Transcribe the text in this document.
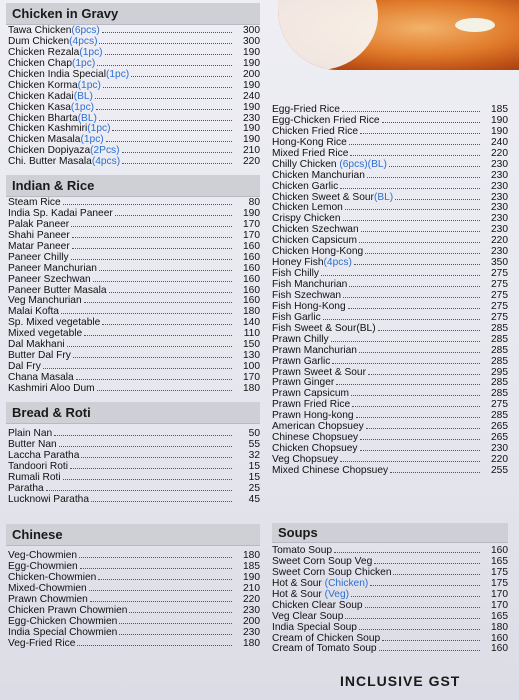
Chicken in Gravy
Tawa Chicken(6pcs)	300
Dum Chicken(4pcs)	300
Chicken Rezala(1pc)	190
Chicken Chap(1pc)	190
Chicken India Special(1pc)	200
Chicken Korma(1pc)	190
Chicken Kadai(BL)	240
Chicken Kasa(1pc)	190
Chicken Bharta(BL)	230
Chicken Kashmiri(1pc)	190
Chicken Masala(1pc)	190
Chicken Dopiyaza(2Pcs)	210
Chi. Butter Masala(4pcs)	220
Indian & Rice
Steam Rice	80
India Sp. Kadai Paneer	190
Palak Paneer	170
Shahi Paneer	170
Matar Paneer	160
Paneer Chilly	160
Paneer Manchurian	160
Paneer Szechwan	160
Paneer Butter Masala	160
Veg Manchurian	160
Malai Kofta	180
Sp. Mixed vegetable	140
Mixed vegetable	110
Dal Makhani	150
Butter Dal Fry	130
Dal Fry	100
Chana Masala	170
Kashmiri Aloo Dum	180
Bread & Roti
Plain Nan	50
Butter Nan	55
Laccha Paratha	32
Tandoori Roti	15
Rumali Roti	15
Paratha	25
Lucknowi Paratha	45
Chinese
Veg-Chowmien	180
Egg-Chowmien	185
Chicken-Chowmien	190
Mixed-Chowmien	210
Prawn Chowmien	220
Chicken Prawn Chowmien	230
Egg-Chicken Chowmien	200
India Special Chowmien	230
Veg-Fried Rice	180
Egg-Fried Rice	185
Egg-Chicken Fried Rice	190
Chicken Fried Rice	190
Hong-Kong Rice	240
Mixed Fried Rice	220
Chilly Chicken (6pcs)(BL)	230
Chicken Manchurian	230
Chicken Garlic	230
Chicken Sweet & Sour(BL)	230
Chicken Lemon	230
Crispy Chicken	230
Chicken Szechwan	230
Chicken Capsicum	220
Chicken Hong-Kong	230
Honey Fish(4pcs)	350
Fish Chilly	275
Fish Manchurian	275
Fish Szechwan	275
Fish Hong-Kong	275
Fish Garlic	275
Fish Sweet & Sour(BL)	285
Prawn Chilly	285
Prawn Manchurian	285
Prawn Garlic	285
Prawn Sweet & Sour	295
Prawn Ginger	285
Prawn Capsicum	285
Prawn Fried Rice	275
Prawn Hong-kong	285
American Chopsuey	265
Chinese Chopsuey	265
Chicken Chopsuey	230
Veg Chopsuey	220
Mixed Chinese Chopsuey	255
Soups
Tomato Soup	160
Sweet Corn Soup Veg	165
Sweet Corn Soup Chicken	175
Hot & Sour (Chicken)	175
Hot & Sour (Veg)	170
Chicken Clear Soup	170
Veg Clear Soup	165
India Special Soup	180
Cream of Chicken Soup	160
Cream of Tomato Soup	160
INCLUSIVE GST
